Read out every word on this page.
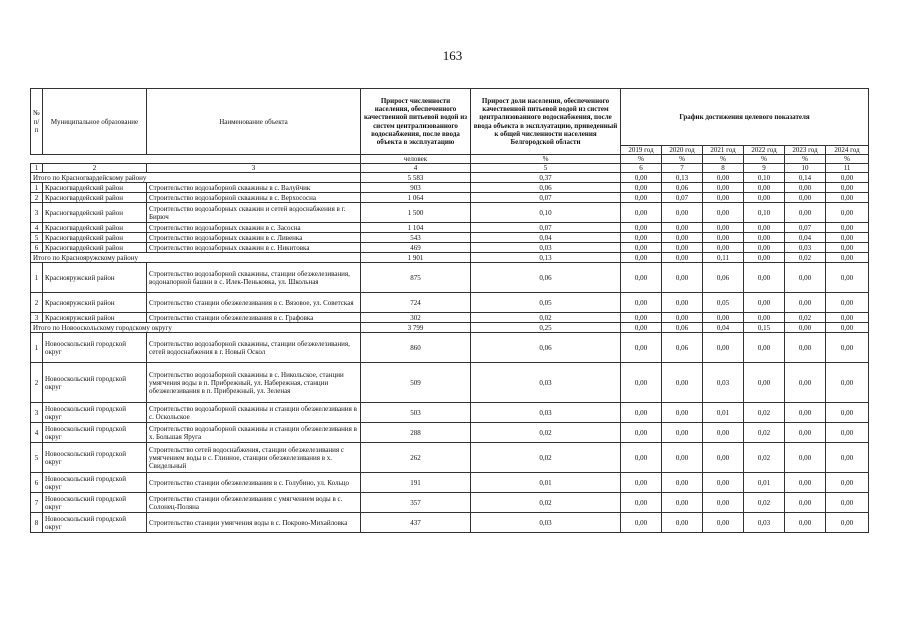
163
№ п/п	Муниципальное образование	Наименование объекта	Прирост численности населения, обеспеченного качественной питьевой водой из систем централизованного водоснабжения, после ввода объекта в эксплуатацию	Прирост доли населения, обеспеченного качественной питьевой водой из систем централизованного водоснабжения, после ввода объекта в эксплуатацию, приведенный к общей численности населения Белгородской области	График достижения целевого показателя					
					2019 год	2020 год	2021 год	2022 год	2023 год	2024 год
			человек	%	%	%	%	%	%	%
1	2	3	4	5	6	7	8	9	10	11
Итого по Красногвардейскому району			5 583	0,37	0,00	0,13	0,00	0,10	0,14	0,00
1	Красногвардейский район	Строительство водозаборной скважины в с. Валуйчик	903	0,06	0,00	0,06	0,00	0,00	0,00	0,00
2	Красногвардейский район	Строительство водозаборной скважины в с. Верхососна	1 064	0,07	0,00	0,07	0,00	0,00	0,00	0,00
3	Красногвардейский район	Строительство водозаборных скважин и сетей водоснабжения в г. Бирюч	1 500	0,10	0,00	0,00	0,00	0,10	0,00	0,00
4	Красногвардейский район	Строительство водозаборных скважин в с. Засосна	1 104	0,07	0,00	0,00	0,00	0,00	0,07	0,00
5	Красногвардейский район	Строительство водозаборных скважин в с. Ливенка	543	0,04	0,00	0,00	0,00	0,00	0,04	0,00
6	Красногвардейский район	Строительство водозаборных скважин в с. Никитовка	469	0,03	0,00	0,00	0,00	0,00	0,03	0,00
Итого по Краснояружскому району			1 901	0,13	0,00	0,00	0,11	0,00	0,02	0,00
1	Краснояружский район	Строительство водозаборной скважины, станции обезжелезивания, водонапорной башни в с. Илек-Пеньковка, ул. Школьная	875	0,06	0,00	0,00	0,06	0,00	0,00	0,00
2	Краснояружский район	Строительство станции обезжелезивания в с. Вязовое, ул. Советская	724	0,05	0,00	0,00	0,05	0,00	0,00	0,00
3	Краснояружский район	Строительство станции обезжелезивания в с. Графовка	302	0,02	0,00	0,00	0,00	0,00	0,02	0,00
Итого по Новооскольскому городскому округу			3 799	0,25	0,00	0,06	0,04	0,15	0,00	0,00
1	Новооскольский городской округ	Строительство водозаборной скважины, станции обезжелезивания, сетей водоснабжения в г. Новый Оскол	860	0,06	0,00	0,06	0,00	0,00	0,00	0,00
2	Новооскольский городской округ	Строительство водозаборной скважины в с. Никольское, станции умягчения воды в п. Прибрежный, ул. Набережная, станции обезжелезивания в п. Прибрежный, ул. Зеленая	509	0,03	0,00	0,00	0,03	0,00	0,00	0,00
3	Новооскольский городской округ	Строительство водозаборной скважины и станции обезжелезивания в с. Оскольское	503	0,03	0,00	0,00	0,01	0,02	0,00	0,00
4	Новооскольский городской округ	Строительство водозаборной скважины и станции обезжелезивания в х. Большая Яруга	288	0,02	0,00	0,00	0,00	0,02	0,00	0,00
5	Новооскольский городской округ	Строительство сетей водоснабжения, станции обезжелезивания с умягчением воды в с. Глинное, станции обезжелезивания в х. Свидельный	262	0,02	0,00	0,00	0,00	0,02	0,00	0,00
6	Новооскольский городской округ	Строительство станции обезжелезивания в с. Голубино, ул. Кольцо	191	0,01	0,00	0,00	0,00	0,01	0,00	0,00
7	Новооскольский городской округ	Строительство станции обезжелезивания с умягчением воды в с. Солонец-Поляна	357	0,02	0,00	0,00	0,00	0,02	0,00	0,00
8	Новооскольский городской округ	Строительство станции умягчения воды в с. Покрово-Михайловка	437	0,03	0,00	0,00	0,00	0,03	0,00	0,00
